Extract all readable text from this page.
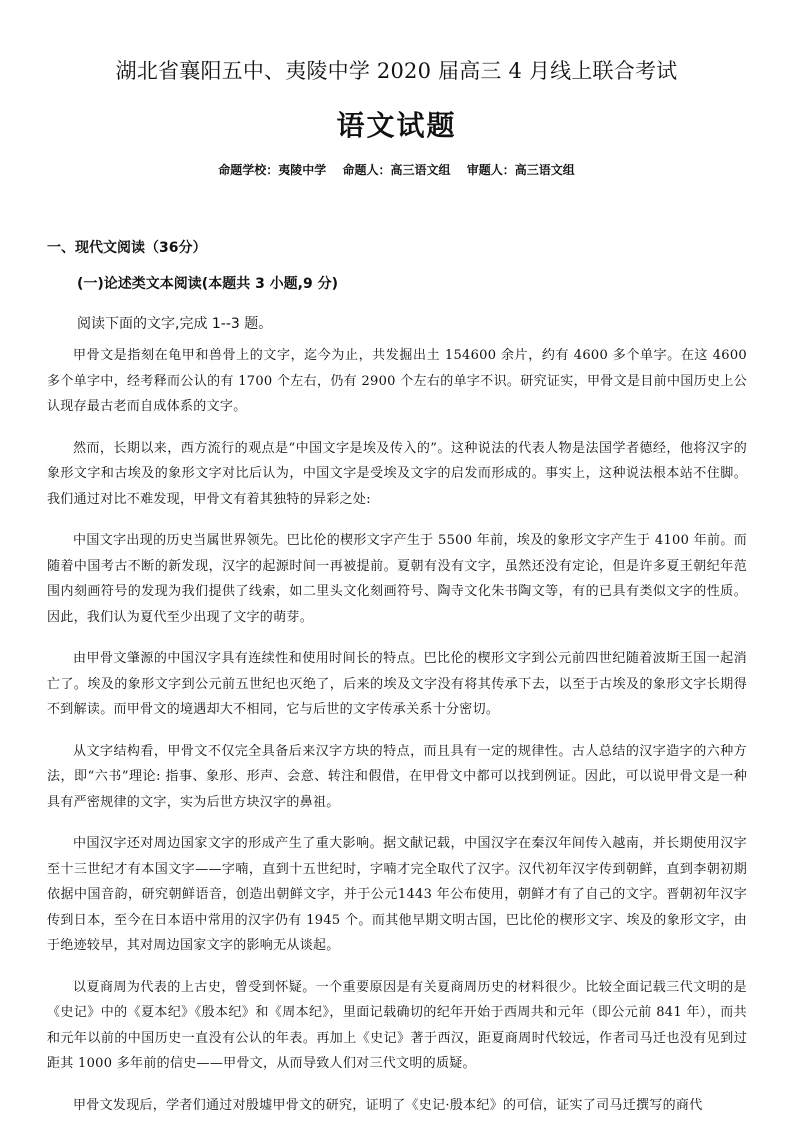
湖北省襄阳五中、夷陵中学 2020 届高三 4 月线上联合考试
语文试题
命题学校：夷陵中学 命题人：高三语文组 审题人：高三语文组
一、现代文阅读（36分）
(一)论述类文本阅读(本题共 3 小题,9 分)
阅读下面的文字,完成 1--3 题。

甲骨文是指刻在龟甲和兽骨上的文字，迄今为止，共发掘出土 154600 余片，约有 4600 多个单字。在这 4600 多个单字中，经考释而公认的有 1700 个左右，仍有 2900 个左右的单字不识。研究证实，甲骨文是目前中国历史上公认现存最古老而自成体系的文字。

然而，长期以来，西方流行的观点是“中国文字是埃及传入的”。这种说法的代表人物是法国学者德经，他将汉字的象形文字和古埃及的象形文字对比后认为，中国文字是受埃及文字的启发而形成的。事实上，这种说法根本站不住脚。我们通过对比不难发现，甲骨文有着其独特的异彩之处:

中国文字出现的历史当属世界领先。巴比伦的楔形文字产生于 5500 年前，埃及的象形文字产生于 4100 年前。而随着中国考古不断的新发现，汉字的起源时间一再被提前。夏朝有没有文字，虽然还没有定论，但是许多夏王朝纪年范围内刻画符号的发现为我们提供了线索，如二里头文化刻画符号、陶寺文化朱书陶文等，有的已具有类似文字的性质。因此，我们认为夏代至少出现了文字的萌芽。

由甲骨文肇源的中国汉字具有连续性和使用时间长的特点。巴比伦的楔形文字到公元前四世纪随着波斯王国一起消亡了。埃及的象形文字到公元前五世纪也灭绝了，后来的埃及文字没有将其传承下去，以至于古埃及的象形文字长期得不到解读。而甲骨文的境遇却大不相同，它与后世的文字传承关系十分密切。

从文字结构看，甲骨文不仅完全具备后来汉字方块的特点，而且具有一定的规律性。古人总结的汉字造字的六种方法，即“六书”理论: 指事、象形、形声、会意、转注和假借，在甲骨文中都可以找到例证。因此，可以说甲骨文是一种具有严密规律的文字，实为后世方块汉字的鼻祖。

中国汉字还对周边国家文字的形成产生了重大影响。据文献记载，中国汉字在秦汉年间传入越南，并长期使用汉字至十三世纪才有本国文字——字喃，直到十五世纪时，字喃才完全取代了汉字。汉代初年汉字传到朝鲜，直到李朝初期依据中国音韵，研究朝鲜语音，创造出朝鲜文字，并于公元1443 年公布使用，朝鲜才有了自己的文字。晋朝初年汉字传到日本，至今在日本语中常用的汉字仍有 1945 个。而其他早期文明古国，巴比伦的楔形文字、埃及的象形文字，由于绝迹较早，其对周边国家文字的影响无从谈起。

以夏商周为代表的上古史，曾受到怀疑。一个重要原因是有关夏商周历史的材料很少。比较全面记载三代文明的是《史记》中的《夏本纪》《殷本纪》和《周本纪》，里面记载确切的纪年开始于西周共和元年（即公元前 841 年），而共和元年以前的中国历史一直没有公认的年表。再加上《史记》著于西汉，距夏商周时代较远，作者司马迁也没有见到过距其 1000 多年前的信史——甲骨文，从而导致人们对三代文明的质疑。

甲骨文发现后，学者们通过对殷墟甲骨文的研究，证明了《史记·殷本纪》的可信，证实了司马迁撰写的商代
